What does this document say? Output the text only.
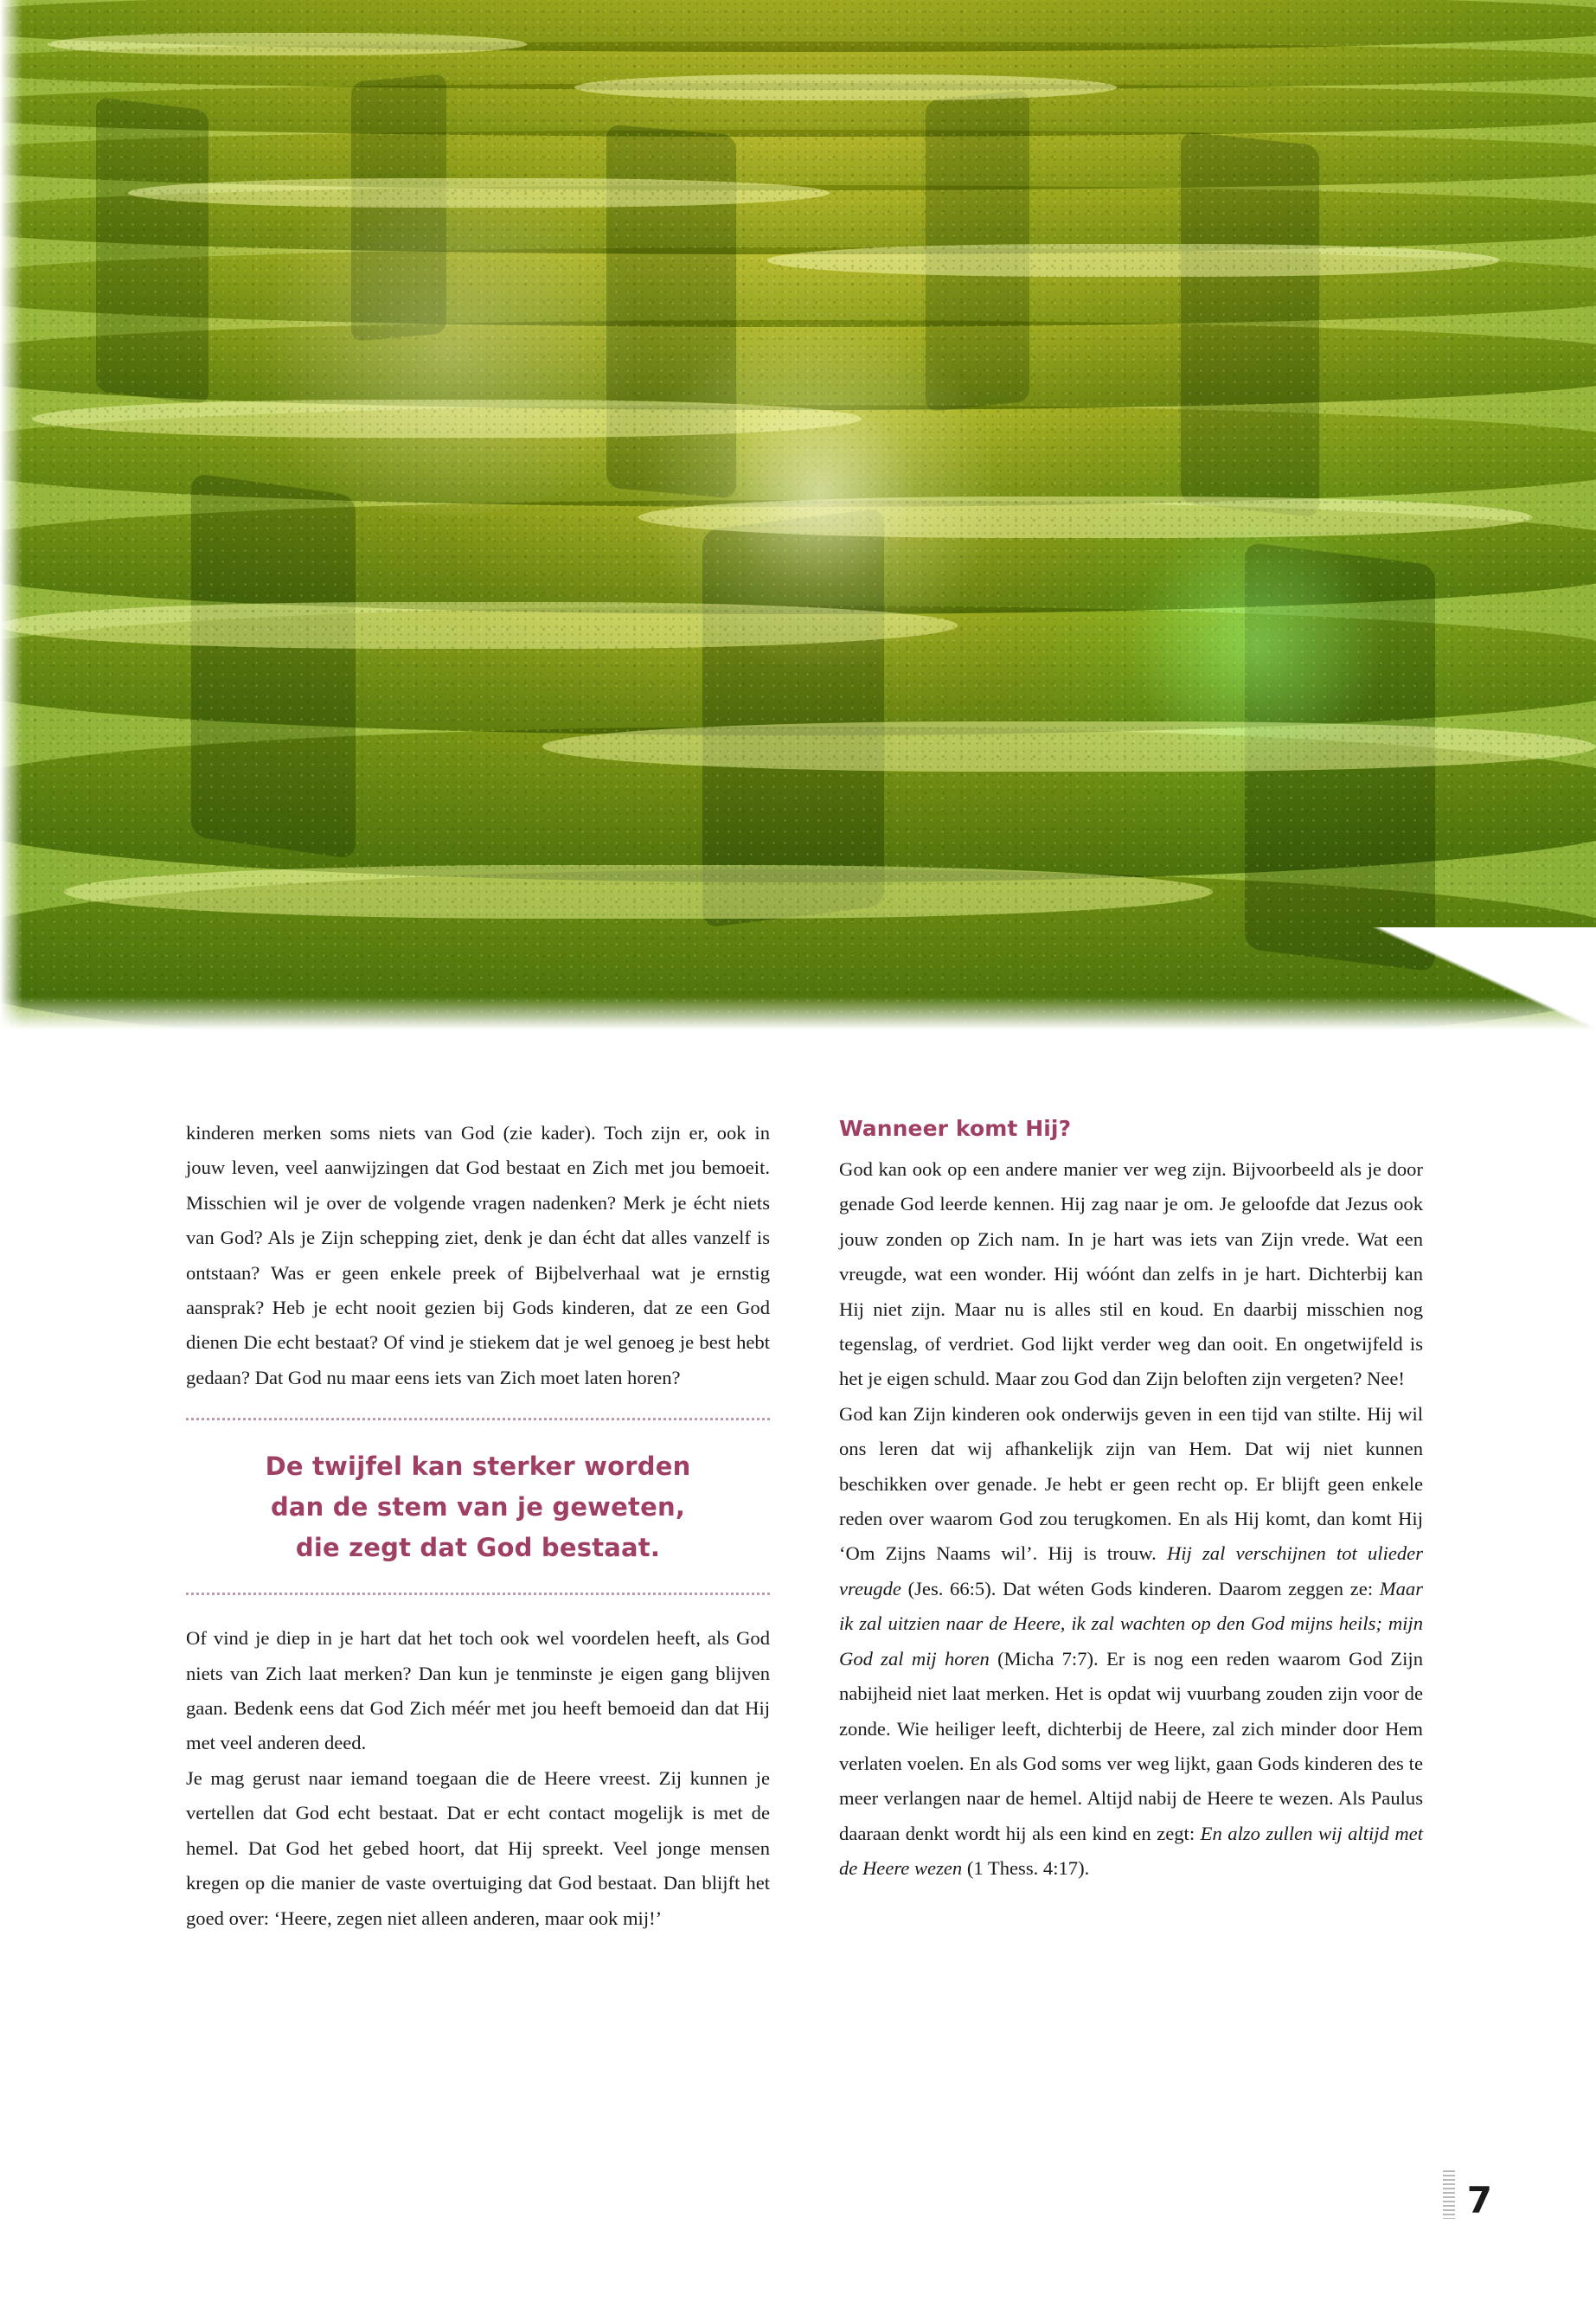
kinderen merken soms niets van God (zie kader). Toch zijn er, ook in jouw leven, veel aanwijzingen dat God bestaat en Zich met jou bemoeit. Misschien wil je over de volgende vragen nadenken? Merk je écht niets van God? Als je Zijn schepping ziet, denk je dan écht dat alles vanzelf is ontstaan? Was er geen enkele preek of Bijbelverhaal wat je ernstig aansprak? Heb je echt nooit gezien bij Gods kinderen, dat ze een God dienen Die echt bestaat? Of vind je stiekem dat je wel genoeg je best hebt gedaan? Dat God nu maar eens iets van Zich moet laten horen?

De twijfel kan sterker worden
dan de stem van je geweten,
die zegt dat God bestaat.

Of vind je diep in je hart dat het toch ook wel voordelen heeft, als God niets van Zich laat merken? Dan kun je tenminste je eigen gang blijven gaan. Bedenk eens dat God Zich méér met jou heeft bemoeid dan dat Hij met veel anderen deed.

Je mag gerust naar iemand toegaan die de Heere vreest. Zij kunnen je vertellen dat God echt bestaat. Dat er echt contact mogelijk is met de hemel. Dat God het gebed hoort, dat Hij spreekt. Veel jonge mensen kregen op die manier de vaste overtuiging dat God bestaat. Dan blijft het goed over: ‘Heere, zegen niet alleen anderen, maar ook mij!’

Wanneer komt Hij?

God kan ook op een andere manier ver weg zijn. Bijvoorbeeld als je door genade God leerde kennen. Hij zag naar je om. Je geloofde dat Jezus ook jouw zonden op Zich nam. In je hart was iets van Zijn vrede. Wat een vreugde, wat een wonder. Hij wóónt dan zelfs in je hart. Dichterbij kan Hij niet zijn. Maar nu is alles stil en koud. En daarbij misschien nog tegenslag, of verdriet. God lijkt verder weg dan ooit. En ongetwijfeld is het je eigen schuld. Maar zou God dan Zijn beloften zijn vergeten? Nee!

God kan Zijn kinderen ook onderwijs geven in een tijd van stilte. Hij wil ons leren dat wij afhankelijk zijn van Hem. Dat wij niet kunnen beschikken over genade. Je hebt er geen recht op. Er blijft geen enkele reden over waarom God zou terugkomen. En als Hij komt, dan komt Hij ‘Om Zijns Naams wil’. Hij is trouw. Hij zal verschijnen tot ulieder vreugde (Jes. 66:5). Dat wéten Gods kinderen. Daarom zeggen ze: Maar ik zal uitzien naar de Heere, ik zal wachten op den God mijns heils; mijn God zal mij horen (Micha 7:7). Er is nog een reden waarom God Zijn nabijheid niet laat merken. Het is opdat wij vuurbang zouden zijn voor de zonde. Wie heiliger leeft, dichterbij de Heere, zal zich minder door Hem verlaten voelen. En als God soms ver weg lijkt, gaan Gods kinderen des te meer verlangen naar de hemel. Altijd nabij de Heere te wezen. Als Paulus daaraan denkt wordt hij als een kind en zegt: En alzo zullen wij altijd met de Heere wezen (1 Thess. 4:17).

7
